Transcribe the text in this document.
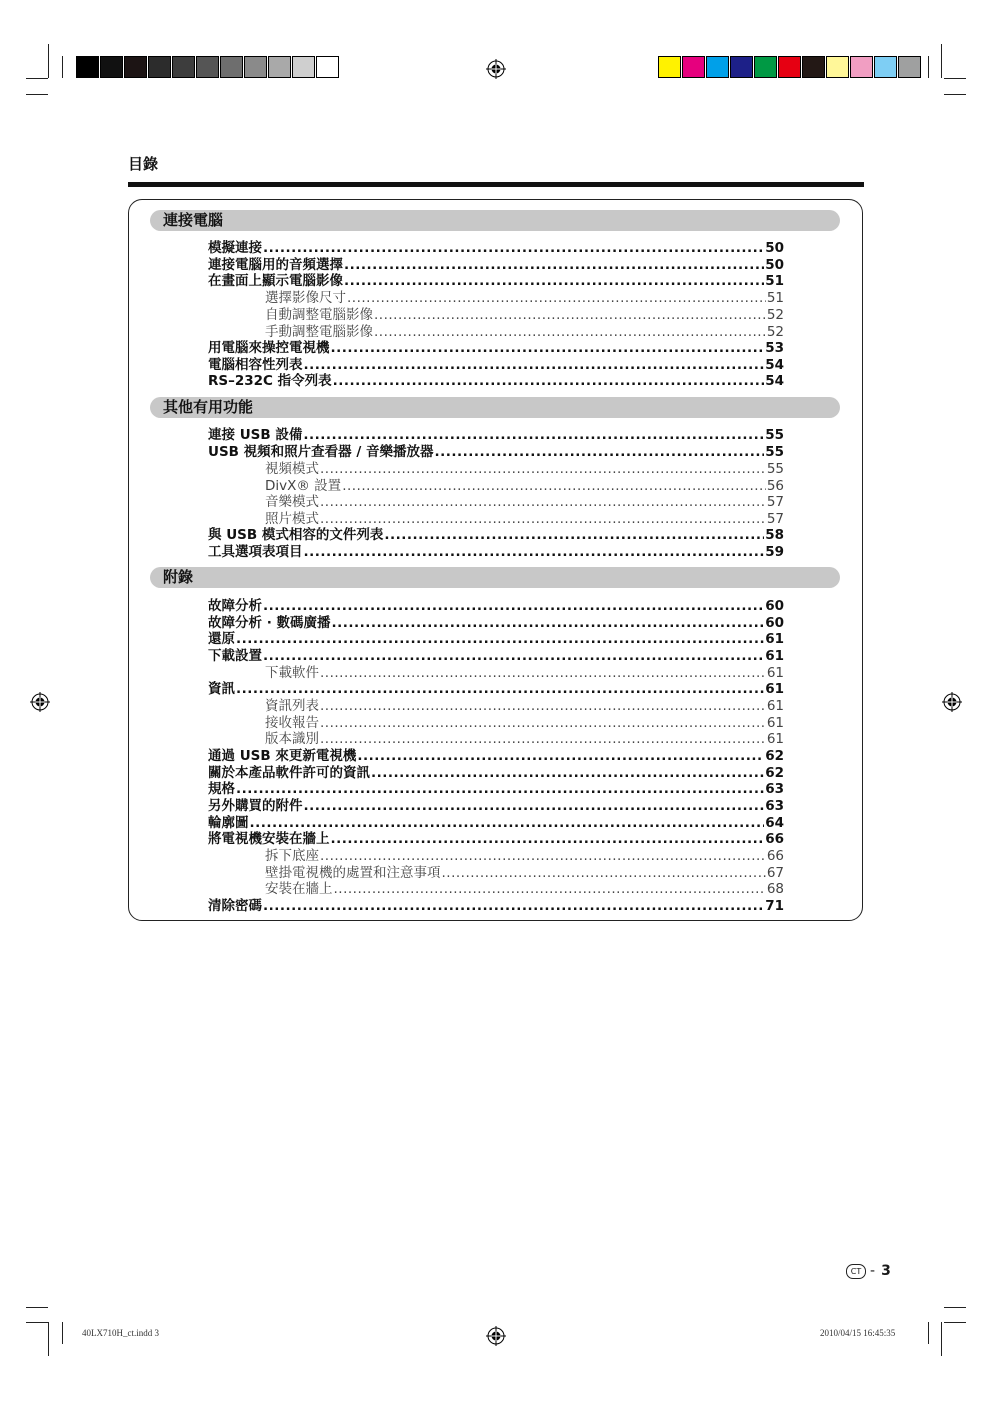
目錄
連接電腦
模擬連接 .....	50
連接電腦用的音頻選擇 .....	50
在畫面上顯示電腦影像 .....	51
選擇影像尺寸 .....	51
自動調整電腦影像 .....	52
手動調整電腦影像 .....	52
用電腦來操控電視機 .....	53
電腦相容性列表 .....	54
RS–232C 指令列表 .....	54
其他有用功能
連接 USB 設備 .....	55
USB 視頻和照片查看器 / 音樂播放器 .....	55
視頻模式 .....	55
DivX® 設置 .....	56
音樂模式 .....	57
照片模式 .....	57
與 USB 模式相容的文件列表 .....	58
工具選項表項目 .....	59
附錄
故障分析 .....	60
故障分析 · 數碼廣播 .....	60
還原 .....	61
下載設置 .....	61
下載軟件 .....	61
資訊 .....	61
資訊列表 .....	61
接收報告 .....	61
版本識別 .....	61
通過 USB 來更新電視機 .....	62
關於本產品軟件許可的資訊 .....	62
規格 .....	63
另外購買的附件 .....	63
輪廓圖 .....	64
將電視機安裝在牆上 .....	66
拆下底座 .....	66
壁掛電視機的處置和注意事項 .....	67
安裝在牆上 .....	68
清除密碼 .....	71
CT - 3
40LX710H_ct.indd 3	2010/04/15 16:45:35
